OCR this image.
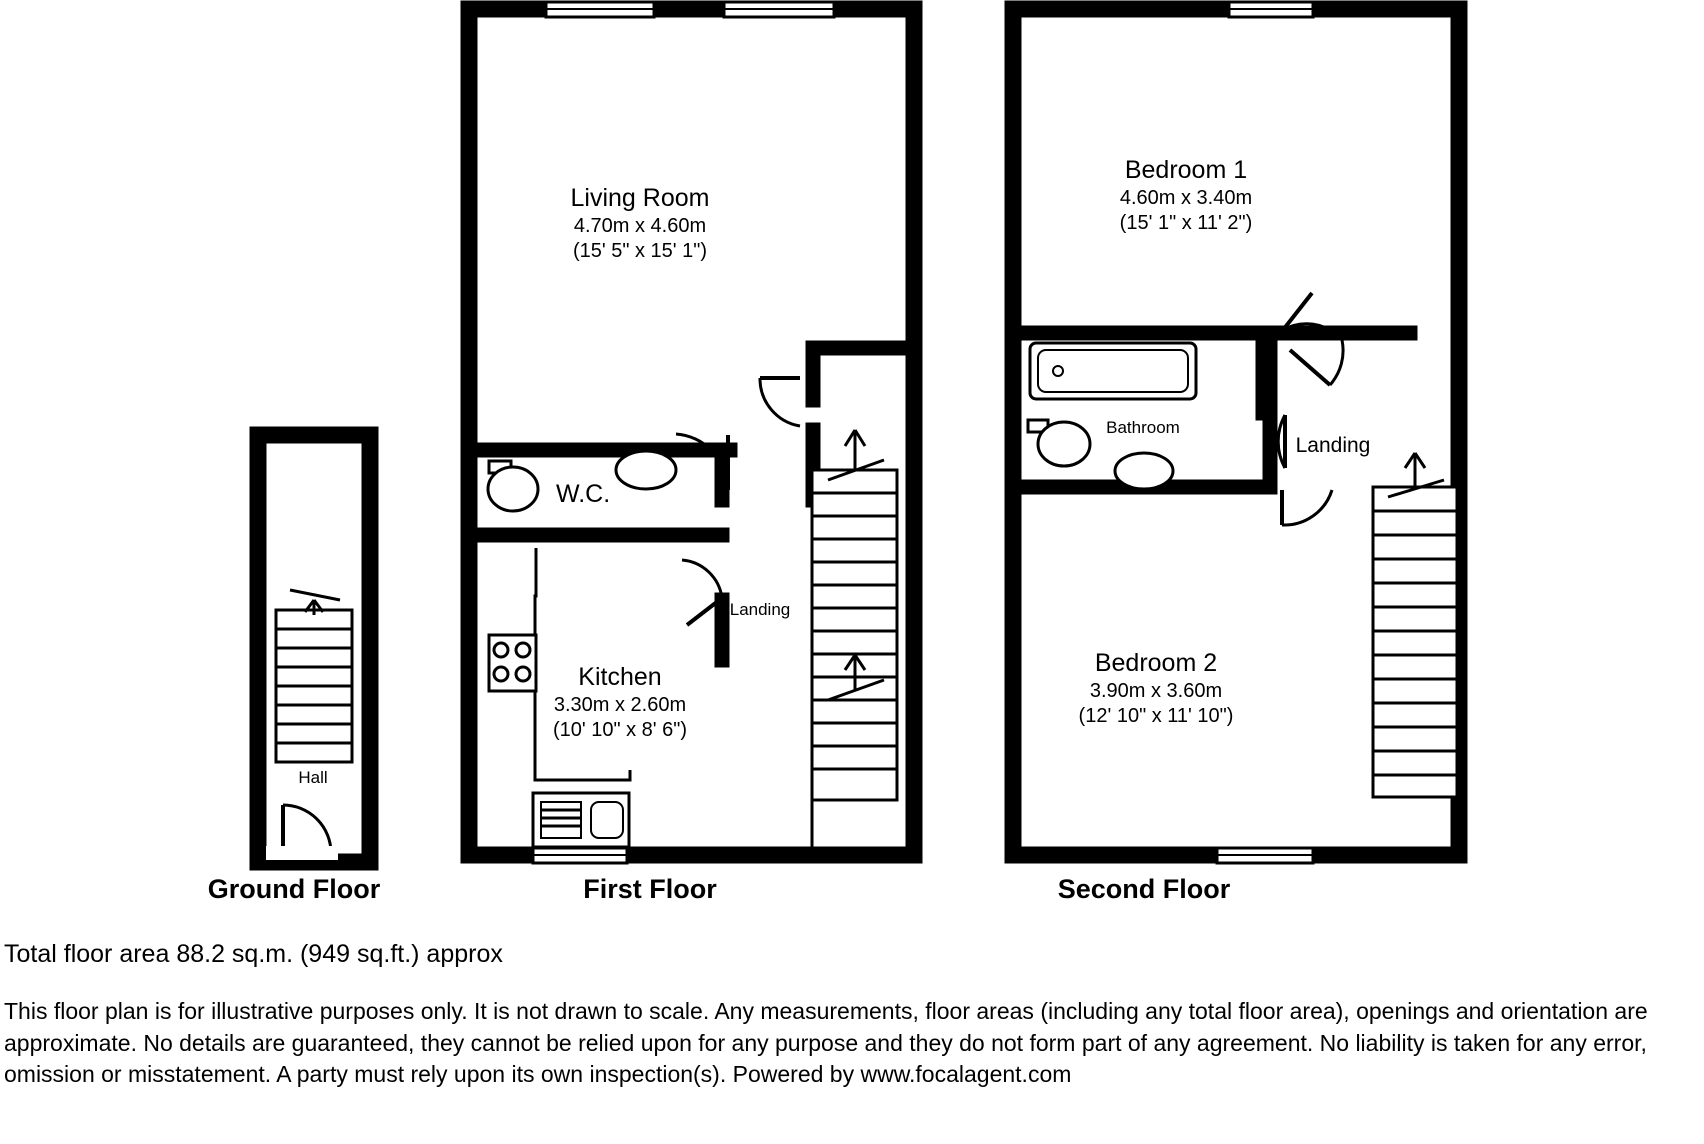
Hall
Ground Floor
Living Room
4.70m x 4.60m
(15' 5" x 15' 1")
W.C.
Kitchen
3.30m x 2.60m
(10' 10" x 8' 6")
Landing
First Floor
Bedroom 1
4.60m x 3.40m
(15' 1" x 11' 2")
Bathroom
Bedroom 2
3.90m x 3.60m
(12' 10" x 11' 10")
Landing
Second Floor
Total floor area 88.2 sq.m. (949 sq.ft.) approx
This floor plan is for illustrative purposes only. It is not drawn to scale. Any measurements, floor areas (including any total floor area), openings and orientation are approximate. No details are guaranteed, they cannot be relied upon for any purpose and they do not form part of any agreement. No liability is taken for any error, omission or misstatement. A party must rely upon its own inspection(s). Powered by www.focalagent.com
